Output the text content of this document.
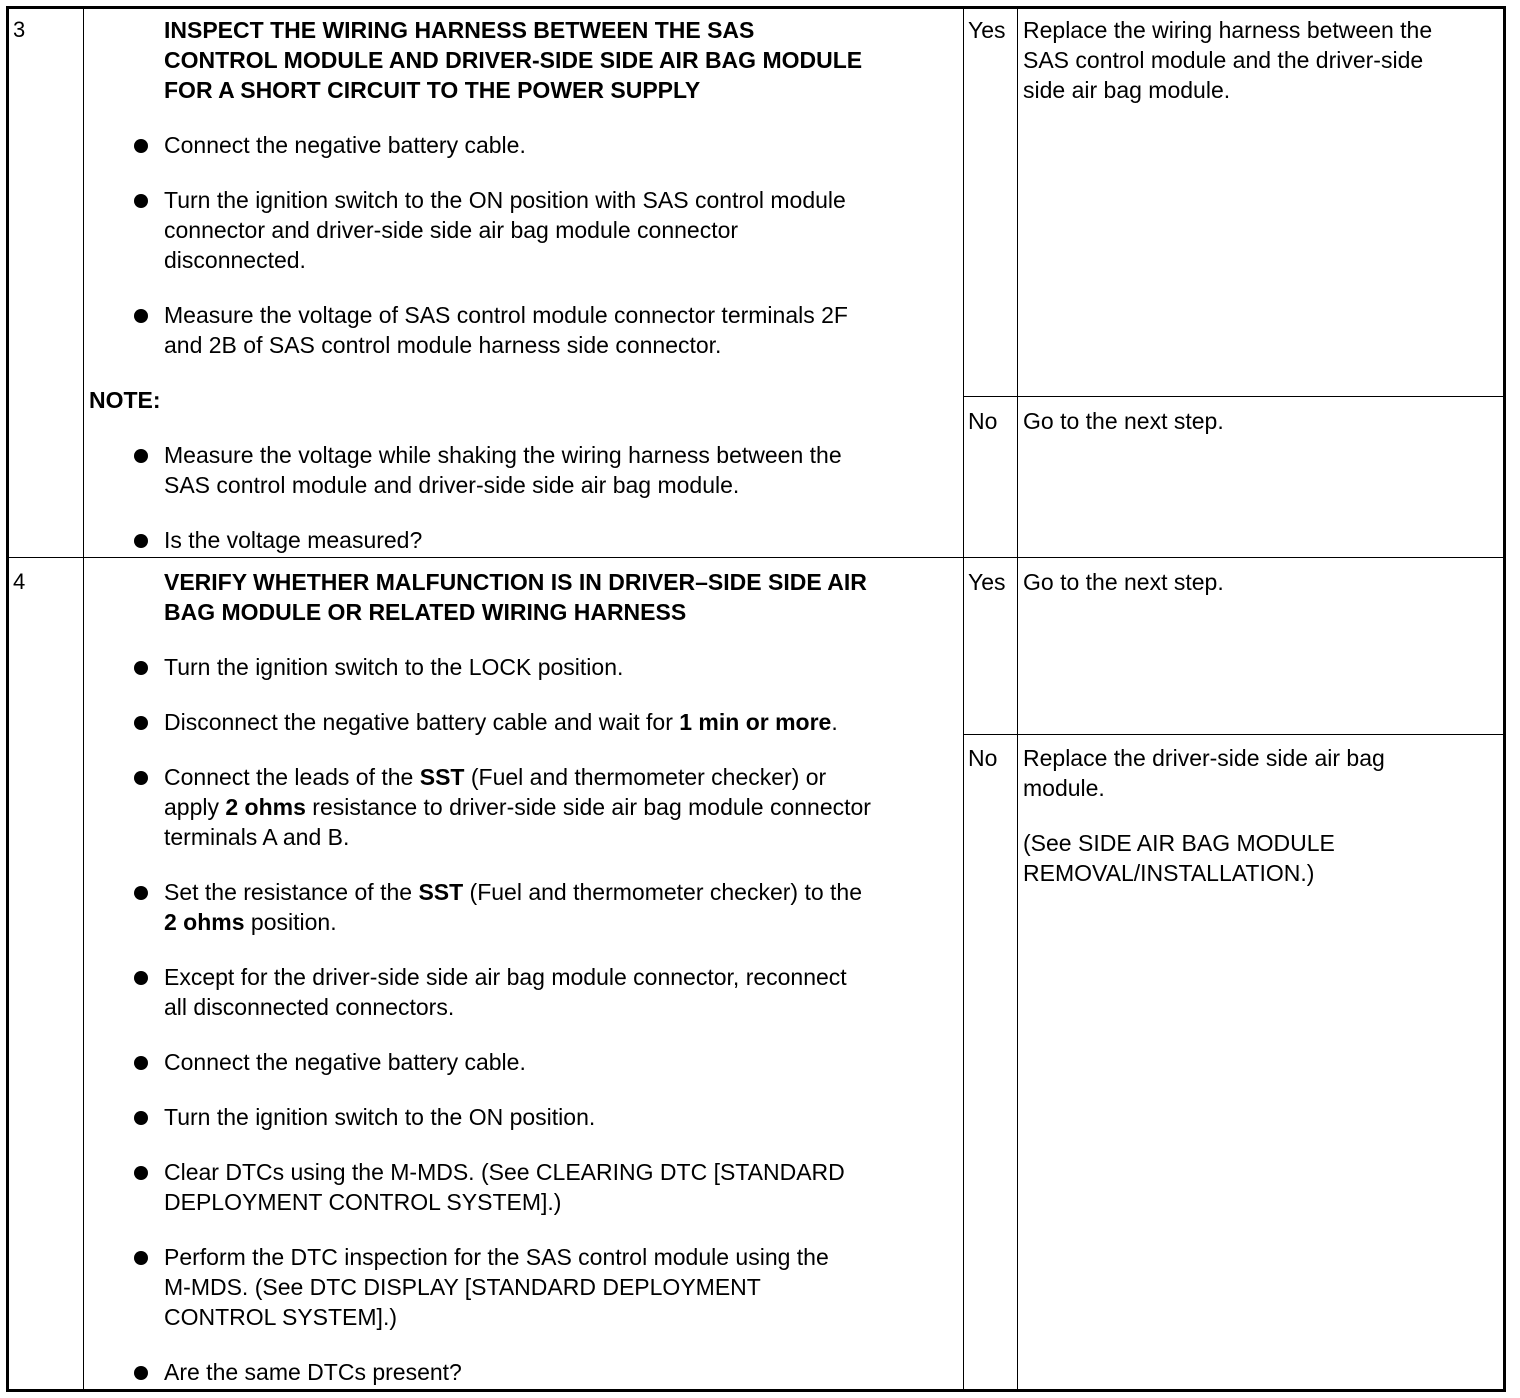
3	INSPECT THE WIRING HARNESS BETWEEN THE SAS
CONTROL MODULE AND DRIVER-SIDE SIDE AIR BAG MODULE
FOR A SHORT CIRCUIT TO THE POWER SUPPLY
Connect the negative battery cable.
Turn the ignition switch to the ON position with SAS control module
connector and driver-side side air bag module connector
disconnected.
Measure the voltage of SAS control module connector terminals 2F
and 2B of SAS control module harness side connector.
NOTE:
Measure the voltage while shaking the wiring harness between the
SAS control module and driver-side side air bag module.
Is the voltage measured?
Yes Replace the wiring harness between the
SAS control module and the driver-side
side air bag module.
No Go to the next step.
4	VERIFY WHETHER MALFUNCTION IS IN DRIVER–SIDE SIDE AIR
BAG MODULE OR RELATED WIRING HARNESS
Turn the ignition switch to the LOCK position.
Disconnect the negative battery cable and wait for 1 min or more.
Connect the leads of the SST (Fuel and thermometer checker) or
apply 2 ohms resistance to driver-side side air bag module connector
terminals A and B.
Set the resistance of the SST (Fuel and thermometer checker) to the
2 ohms position.
Except for the driver-side side air bag module connector, reconnect
all disconnected connectors.
Connect the negative battery cable.
Turn the ignition switch to the ON position.
Clear DTCs using the M-MDS. (See CLEARING DTC [STANDARD
DEPLOYMENT CONTROL SYSTEM].)
Perform the DTC inspection for the SAS control module using the
M-MDS. (See DTC DISPLAY [STANDARD DEPLOYMENT
CONTROL SYSTEM].)
Are the same DTCs present?
Yes Go to the next step.
No Replace the driver-side side air bag
module.
(See SIDE AIR BAG MODULE
REMOVAL/INSTALLATION.)
